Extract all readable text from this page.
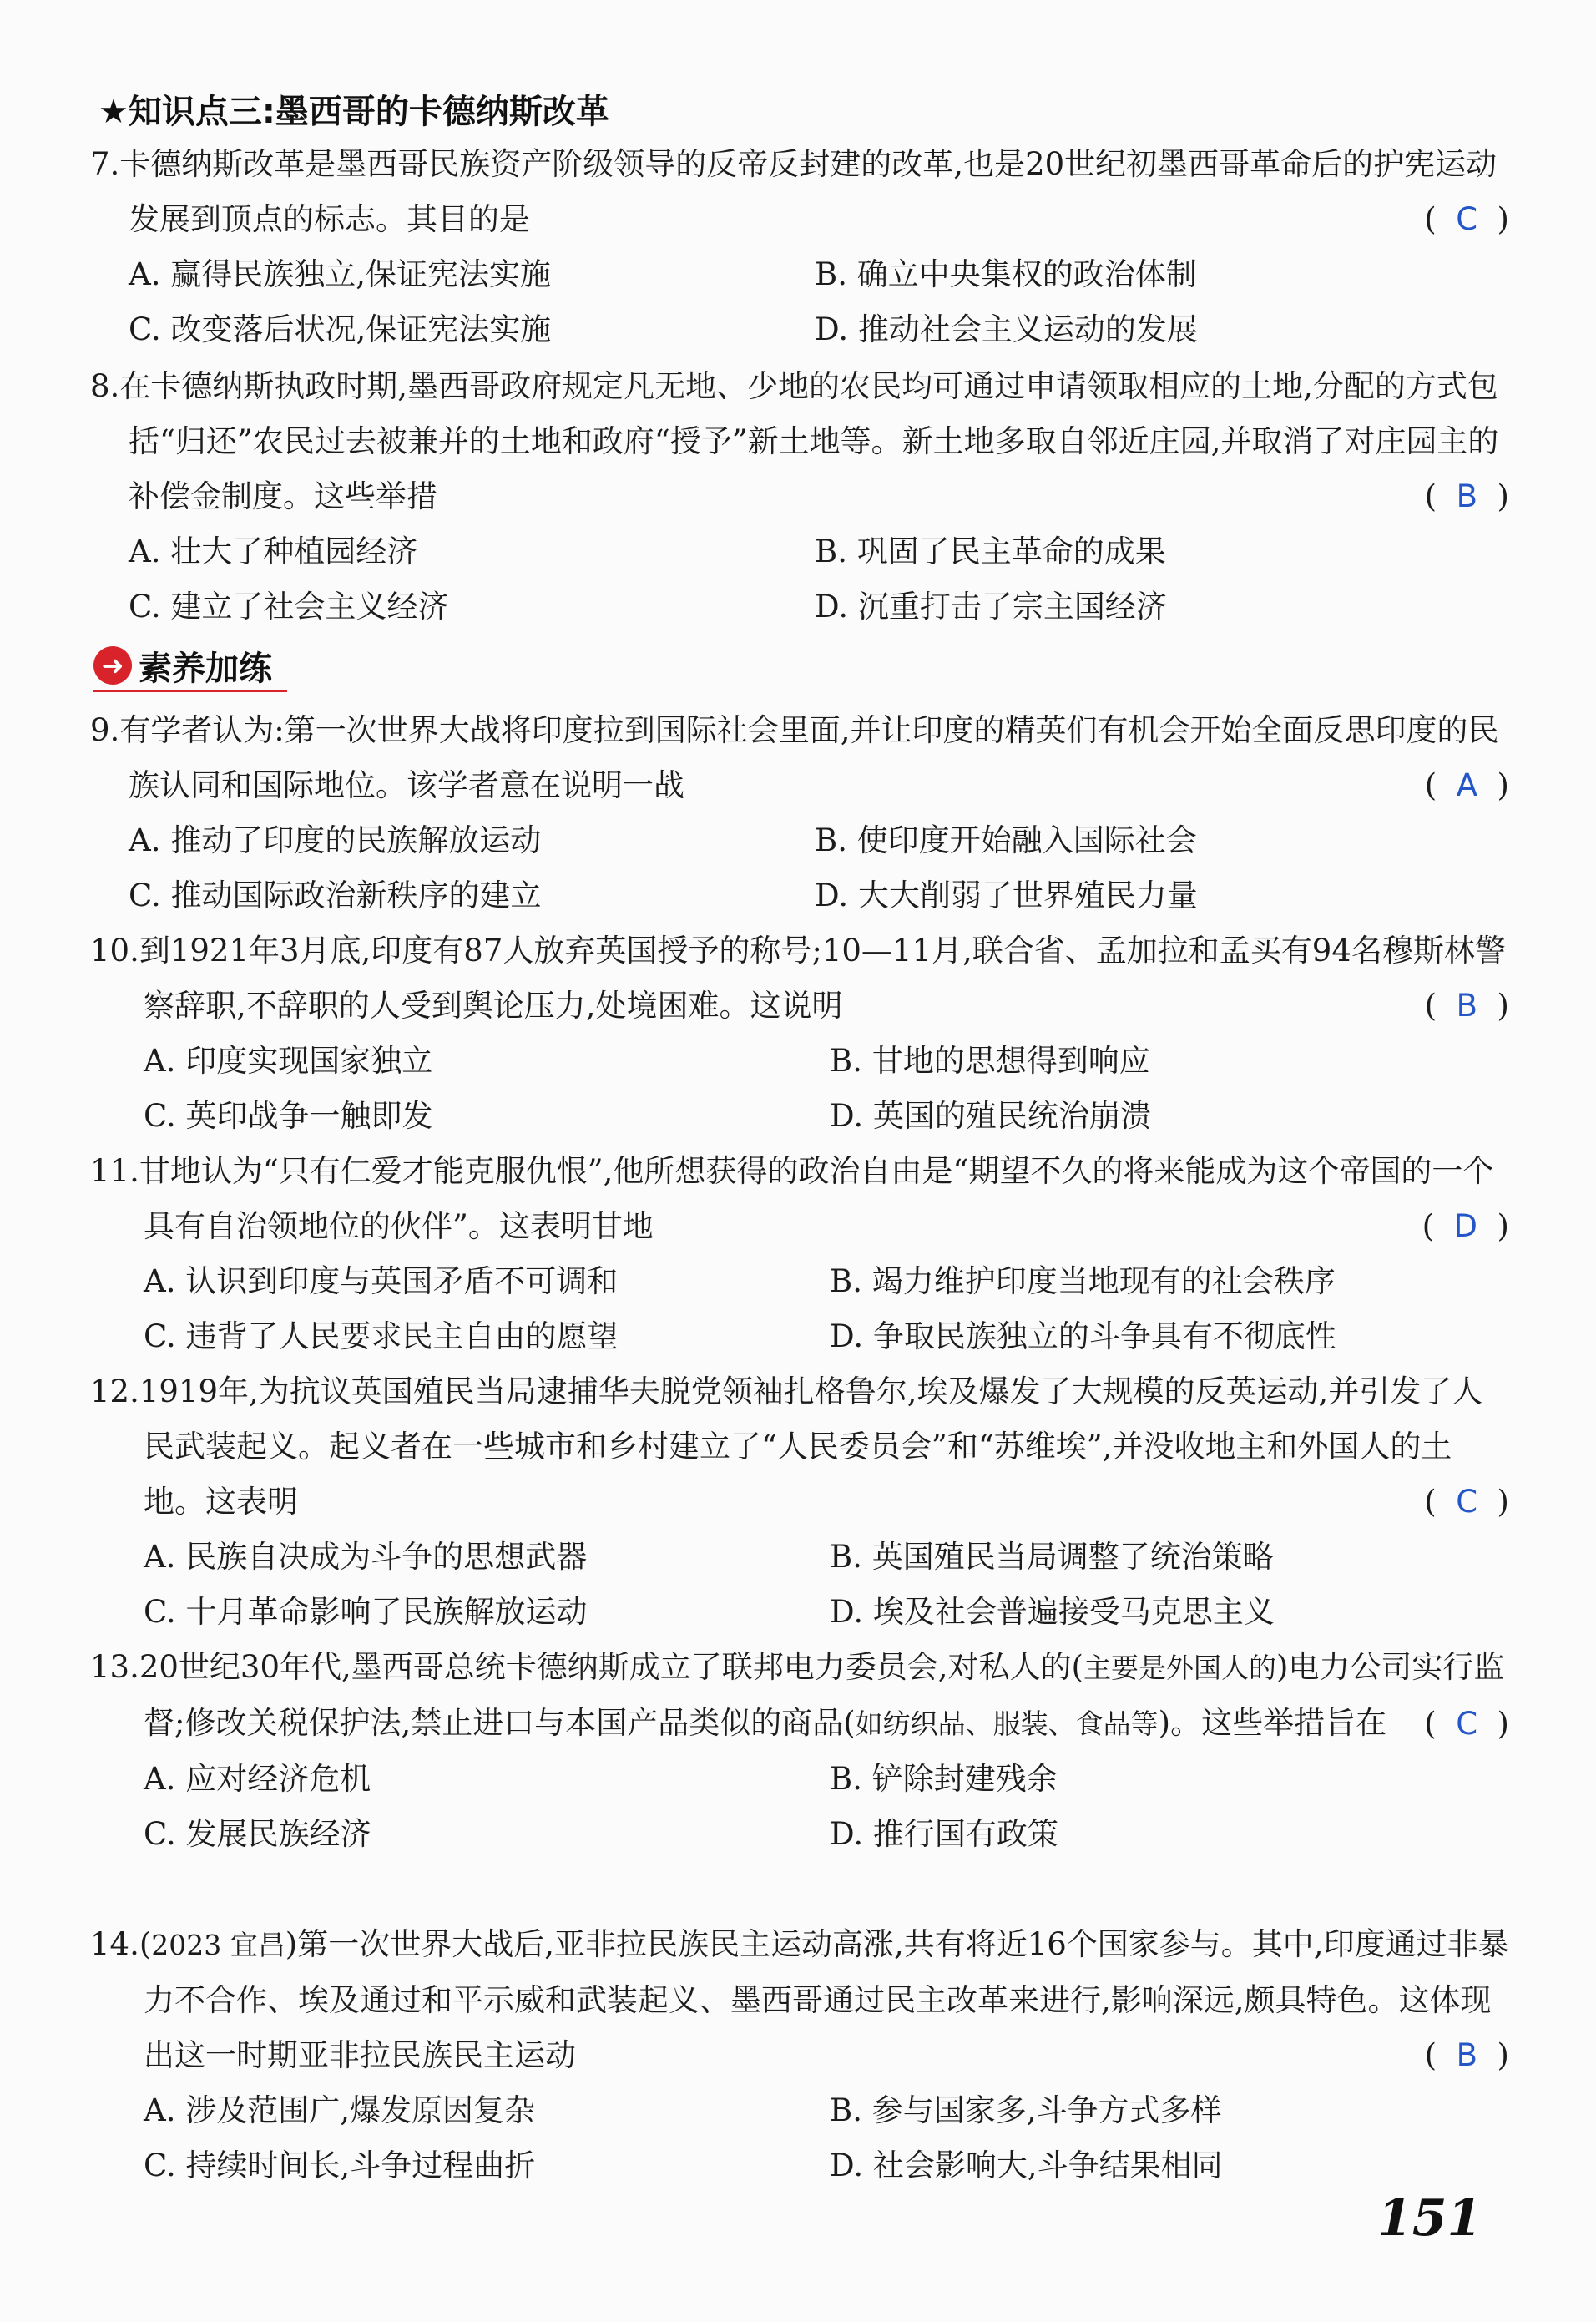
★知识点三:墨西哥的卡德纳斯改革
7.卡德纳斯改革是墨西哥民族资产阶级领导的反帝反封建的改革,也是20世纪初墨西哥革命后的护宪运动发展到顶点的标志。其目的是	(  C  )
A. 赢得民族独立,保证宪法实施	B. 确立中央集权的政治体制
C. 改变落后状况,保证宪法实施	D. 推动社会主义运动的发展
8.在卡德纳斯执政时期,墨西哥政府规定凡无地、少地的农民均可通过申请领取相应的土地,分配的方式包括“归还”农民过去被兼并的土地和政府“授予”新土地等。新土地多取自邻近庄园,并取消了对庄园主的补偿金制度。这些举措	(  B  )
A. 壮大了种植园经济	B. 巩固了民主革命的成果
C. 建立了社会主义经济	D. 沉重打击了宗主国经济
➜ 素养加练
9.有学者认为:第一次世界大战将印度拉到国际社会里面,并让印度的精英们有机会开始全面反思印度的民族认同和国际地位。该学者意在说明一战	(  A  )
A. 推动了印度的民族解放运动	B. 使印度开始融入国际社会
C. 推动国际政治新秩序的建立	D. 大大削弱了世界殖民力量
10.到1921年3月底,印度有87人放弃英国授予的称号;10—11月,联合省、孟加拉和孟买有94名穆斯林警察辞职,不辞职的人受到舆论压力,处境困难。这说明	(  B  )
A. 印度实现国家独立	B. 甘地的思想得到响应
C. 英印战争一触即发	D. 英国的殖民统治崩溃
11.甘地认为“只有仁爱才能克服仇恨”,他所想获得的政治自由是“期望不久的将来能成为这个帝国的一个具有自治领地位的伙伴”。这表明甘地	(  D  )
A. 认识到印度与英国矛盾不可调和	B. 竭力维护印度当地现有的社会秩序
C. 违背了人民要求民主自由的愿望	D. 争取民族独立的斗争具有不彻底性
12.1919年,为抗议英国殖民当局逮捕华夫脱党领袖扎格鲁尔,埃及爆发了大规模的反英运动,并引发了人民武装起义。起义者在一些城市和乡村建立了“人民委员会”和“苏维埃”,并没收地主和外国人的土地。这表明	(  C  )
A. 民族自决成为斗争的思想武器	B. 英国殖民当局调整了统治策略
C. 十月革命影响了民族解放运动	D. 埃及社会普遍接受马克思主义
13.20世纪30年代,墨西哥总统卡德纳斯成立了联邦电力委员会,对私人的(主要是外国人的)电力公司实行监督;修改关税保护法,禁止进口与本国产品类似的商品(如纺织品、服装、食品等)。这些举措旨在 (  C  )
A. 应对经济危机	B. 铲除封建残余
C. 发展民族经济	D. 推行国有政策
14.(2023 宜昌)第一次世界大战后,亚非拉民族民主运动高涨,共有将近16个国家参与。其中,印度通过非暴力不合作、埃及通过和平示威和武装起义、墨西哥通过民主改革来进行,影响深远,颇具特色。这体现出这一时期亚非拉民族民主运动	(  B  )
A. 涉及范围广,爆发原因复杂	B. 参与国家多,斗争方式多样
C. 持续时间长,斗争过程曲折	D. 社会影响大,斗争结果相同
151
